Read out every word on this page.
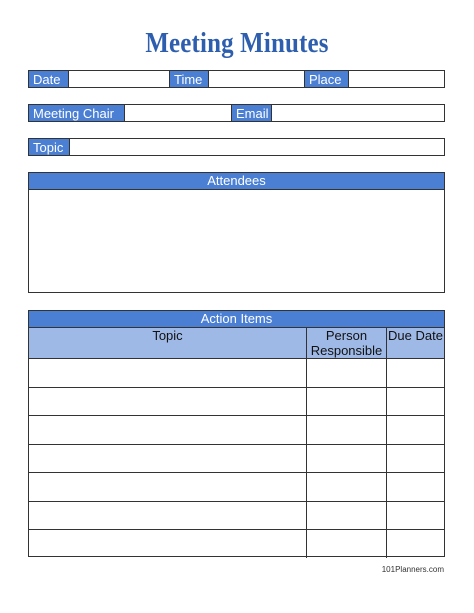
Meeting Minutes
Date	Time	Place
Meeting Chair	Email
Topic
Attendees
Action Items
Topic	Person Responsible	Due Date

101Planners.com
